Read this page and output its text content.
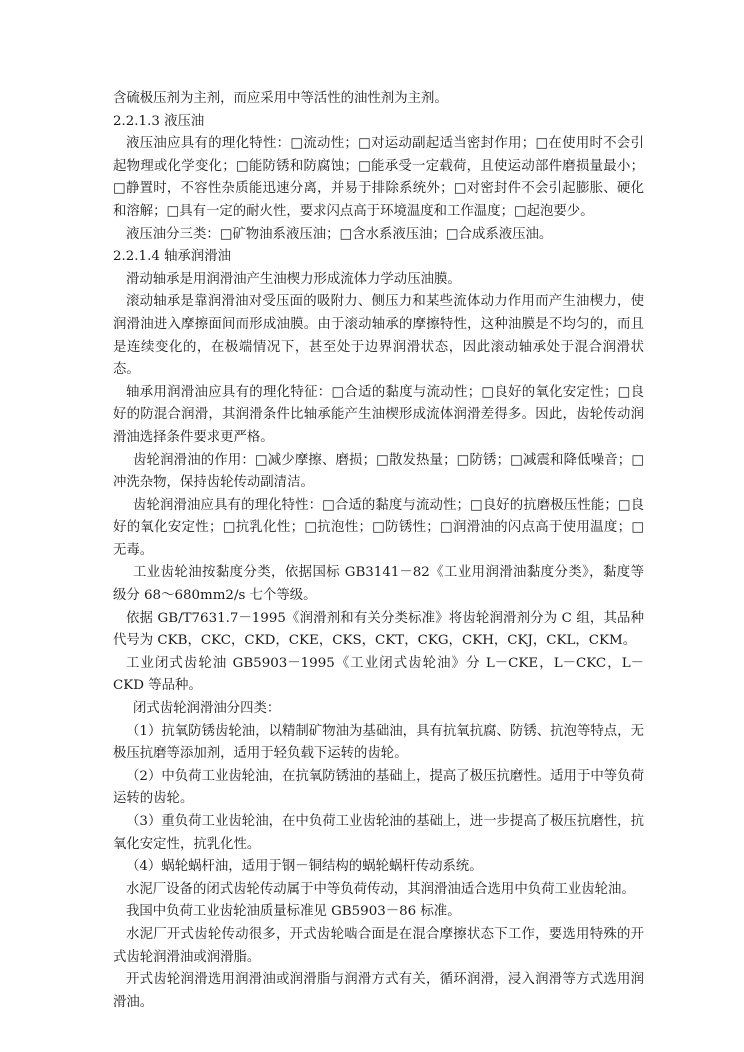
含硫极压剂为主剂，而应采用中等活性的油性剂为主剂。

2.2.1.3 液压油

液压油应具有的理化特性：□流动性；□对运动副起适当密封作用；□在使用时不会引起物理或化学变化；□能防锈和防腐蚀；□能承受一定载荷，且使运动部件磨损量最小；□静置时，不容性杂质能迅速分离，并易于排除系统外；□对密封件不会引起膨胀、硬化和溶解；□具有一定的耐火性，要求闪点高于环境温度和工作温度；□起泡要少。

液压油分三类：□矿物油系液压油；□含水系液压油；□合成系液压油。

2.2.1.4 轴承润滑油

滑动轴承是用润滑油产生油楔力形成流体力学动压油膜。

滚动轴承是靠润滑油对受压面的吸附力、侧压力和某些流体动力作用而产生油楔力，使润滑油进入摩擦面间而形成油膜。由于滚动轴承的摩擦特性，这种油膜是不均匀的，而且是连续变化的，在极端情况下，甚至处于边界润滑状态，因此滚动轴承处于混合润滑状态。

轴承用润滑油应具有的理化特征：□合适的黏度与流动性；□良好的氧化安定性；□良好的防混合润滑，其润滑条件比轴承能产生油楔形成流体润滑差得多。因此，齿轮传动润滑油选择条件要求更严格。

齿轮润滑油的作用：□减少摩擦、磨损；□散发热量；□防锈；□减震和降低噪音；□冲洗杂物，保持齿轮传动副清洁。

齿轮润滑油应具有的理化特性：□合适的黏度与流动性；□良好的抗磨极压性能；□良好的氧化安定性；□抗乳化性；□抗泡性；□防锈性；□润滑油的闪点高于使用温度；□无毒。

工业齿轮油按黏度分类，依据国标 GB3141－82《工业用润滑油黏度分类》，黏度等级分 68～680mm2/s 七个等级。

依据 GB/T7631.7－1995《润滑剂和有关分类标准》将齿轮润滑剂分为 C 组，其品种代号为 CKB，CKC，CKD，CKE，CKS，CKT，CKG，CKH，CKJ，CKL，CKM。

工业闭式齿轮油 GB5903－1995《工业闭式齿轮油》分 L－CKE，L－CKC，L－CKD 等品种。

闭式齿轮润滑油分四类：

（1）抗氧防锈齿轮油，以精制矿物油为基础油，具有抗氧抗腐、防锈、抗泡等特点，无极压抗磨等添加剂，适用于轻负载下运转的齿轮。

（2）中负荷工业齿轮油，在抗氧防锈油的基础上，提高了极压抗磨性。适用于中等负荷运转的齿轮。

（3）重负荷工业齿轮油，在中负荷工业齿轮油的基础上，进一步提高了极压抗磨性，抗氧化安定性，抗乳化性。

（4）蜗轮蜗杆油，适用于钢－铜结构的蜗轮蜗杆传动系统。

水泥厂设备的闭式齿轮传动属于中等负荷传动，其润滑油适合选用中负荷工业齿轮油。

我国中负荷工业齿轮油质量标准见 GB5903－86 标准。

水泥厂开式齿轮传动很多，开式齿轮啮合面是在混合摩擦状态下工作，要选用特殊的开式齿轮润滑油或润滑脂。

开式齿轮润滑选用润滑油或润滑脂与润滑方式有关，循环润滑，浸入润滑等方式选用润滑油。
